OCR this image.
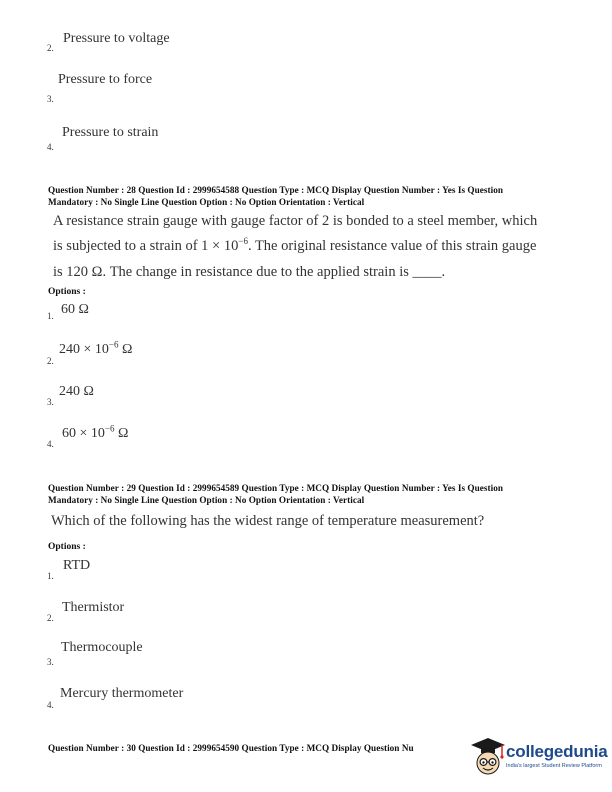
Pressure to voltage
2.
Pressure to force
3.
Pressure to strain
4.
Question Number : 28 Question Id : 2999654588 Question Type : MCQ Display Question Number : Yes Is Question
Mandatory : No Single Line Question Option : No Option Orientation : Vertical
A resistance strain gauge with gauge factor of 2 is bonded to a steel member, which
is subjected to a strain of $1 \times 10^{-6}$. The original resistance value of this strain gauge
is 120 Ω. The change in resistance due to the applied strain is ____.
Options :
1. 60 Ω
$240 \times 10^{-6}$ Ω
2.
240 Ω
3.
$60 \times 10^{-6}$ Ω
4.
Question Number : 29 Question Id : 2999654589 Question Type : MCQ Display Question Number : Yes Is Question
Mandatory : No Single Line Question Option : No Option Orientation : Vertical
Which of the following has the widest range of temperature measurement?
Options :
RTD
1.
2.
Thermistor
Thermocouple
3.
Mercury thermometer
4.
Question Number : 30 Question Id : 2999654590 Question Type : MCQ Display Question Nu	collegedunia
India's largest Student Review Platform
